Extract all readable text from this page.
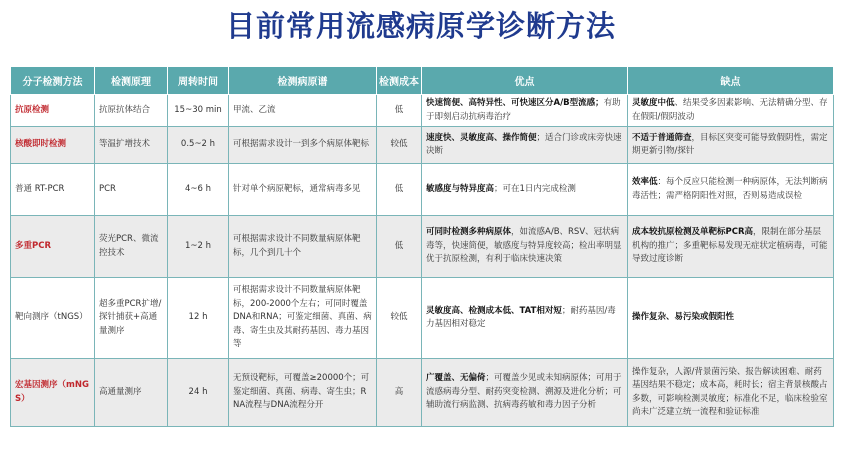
目前常用流感病原学诊断方法
分子检测方法	检测原理	周转时间	检测病原谱	检测成本	优点	缺点
抗原检测	抗原抗体结合	15~30 min	甲流、乙流	低	快速简便、高特异性、可快速区分A/B型流感；有助于即刻启动抗病毒治疗	灵敏度中低、结果受多因素影响、无法精确分型、存在假阳/假阴波动
核酸即时检测	等温扩增技术	0.5~2 h	可根据需求设计一到多个病原体靶标	较低	速度快、灵敏度高、操作简便；适合门诊或床旁快速决断	不适于普通筛查，目标区突变可能导致假阴性，需定期更新引物/探针
普通 RT-PCR	PCR	4~6 h	针对单个病原靶标，通常病毒多见	低	敏感度与特异度高；可在1日内完成检测	效率低：每个反应只能检测一种病原体，无法判断病毒活性；需严格阴阳性对照，否则易造成误检
多重PCR	荧光PCR、微流控技术	1~2 h	可根据需求设计不同数量病原体靶标，几个到几十个	低	可同时检测多种病原体，如流感A/B、RSV、冠状病毒等，快速简便，敏感度与特异度较高；检出率明显优于抗原检测，有利于临床快速决策	成本较抗原检测及单靶标PCR高，限制在部分基层机构的推广；多重靶标易发现无症状定植病毒，可能导致过度诊断
靶向测序（tNGS）	超多重PCR扩增/探针捕获+高通量测序	12 h	可根据需求设计不同数量病原体靶标，200-2000个左右；可同时覆盖DNA和RNA；可鉴定细菌、真菌、病毒、寄生虫及其耐药基因、毒力基因等	较低	灵敏度高、检测成本低、TAT相对短；耐药基因/毒力基因相对稳定	操作复杂、易污染或假阳性
宏基因测序（mNGS）	高通量测序	24 h	无预设靶标，可覆盖≥20000个；可鉴定细菌、真菌、病毒、寄生虫；RNA流程与DNA流程分开	高	广覆盖、无偏倚；可覆盖少见或未知病原体；可用于流感病毒分型、耐药突变检测、溯源及进化分析；可辅助流行病监测、抗病毒药敏和毒力因子分析	操作复杂，人源/背景菌污染、报告解读困难、耐药基因结果不稳定；成本高，耗时长；宿主背景核酸占多数，可影响检测灵敏度；标准化不足，临床检验室尚未广泛建立统一流程和验证标准
